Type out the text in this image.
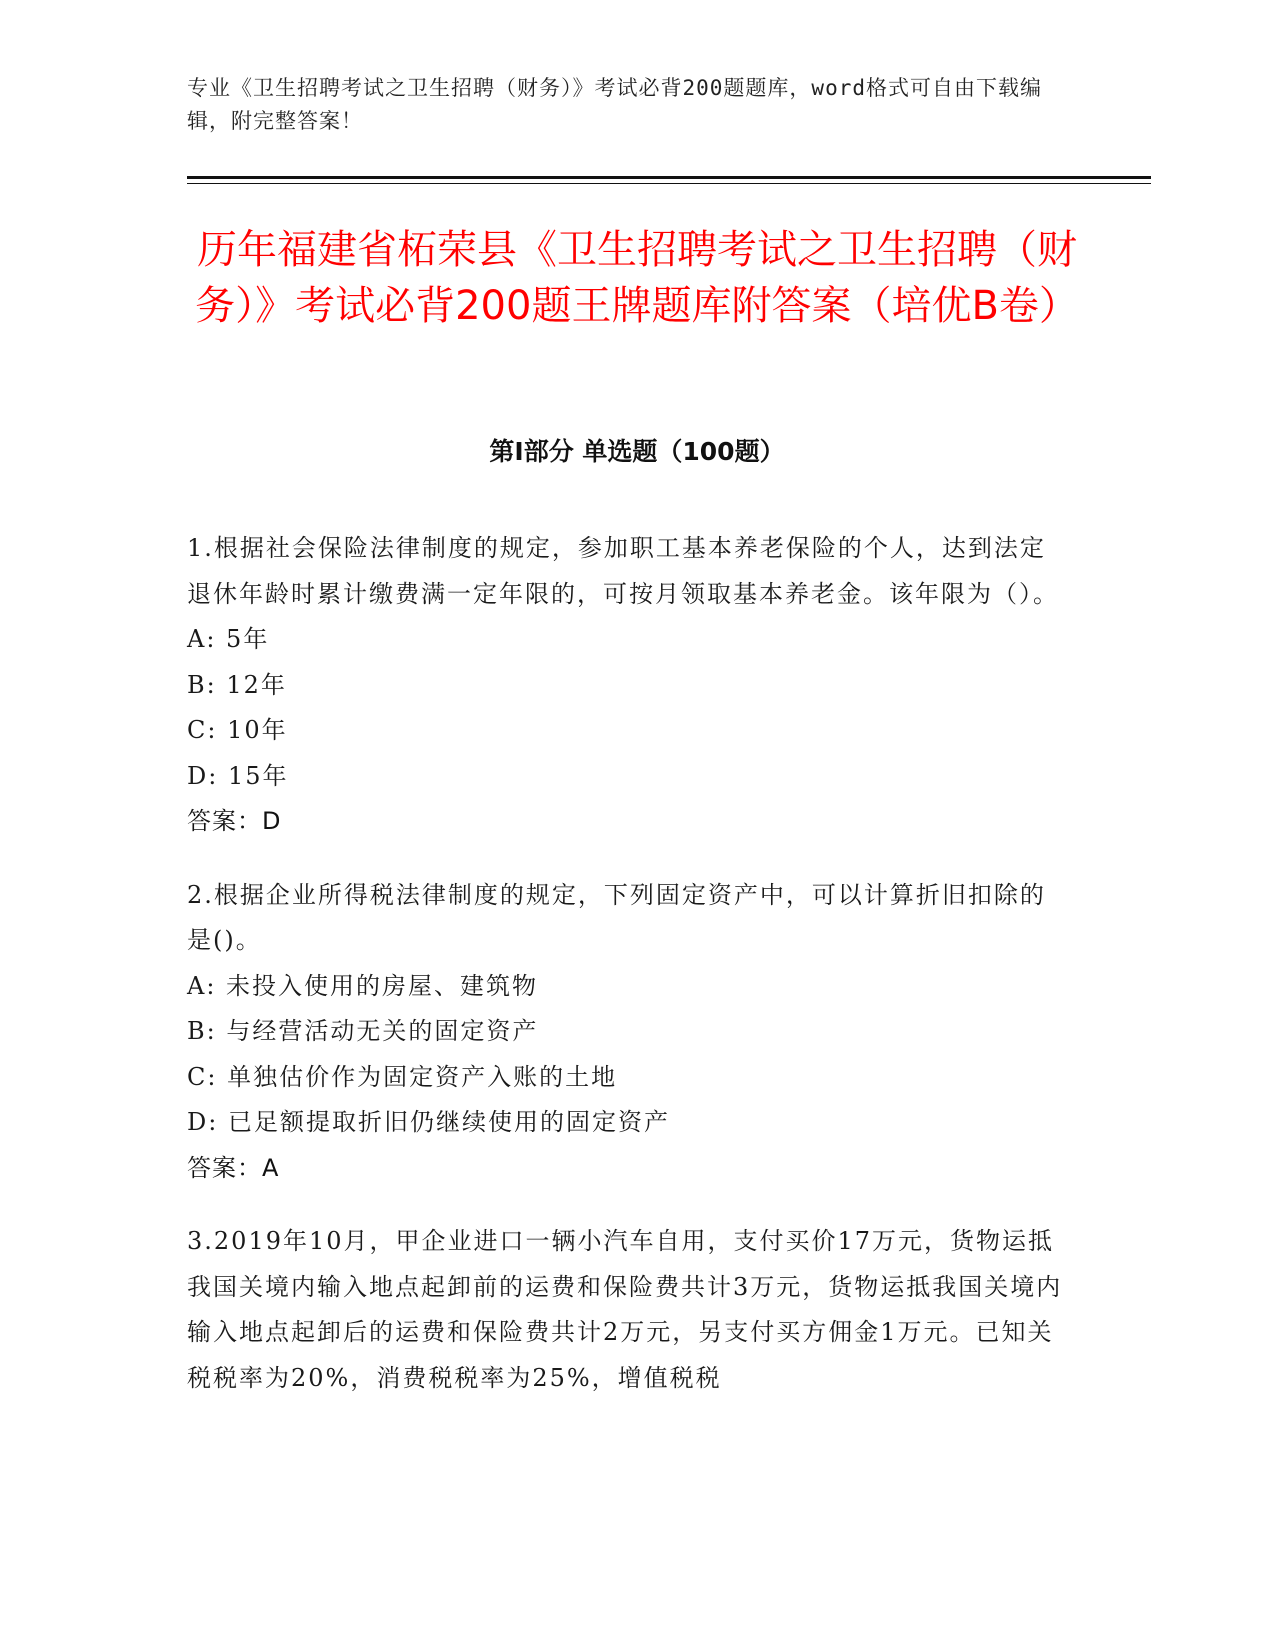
专业《卫生招聘考试之卫生招聘（财务）》考试必背200题题库，word格式可自由下载编辑，附完整答案！
历年福建省柘荣县《卫生招聘考试之卫生招聘（财务）》考试必背200题王牌题库附答案（培优B卷）
第I部分 单选题（100题）

1.根据社会保险法律制度的规定，参加职工基本养老保险的个人，达到法定退休年龄时累计缴费满一定年限的，可按月领取基本养老金。该年限为（）。

A: 5年

B: 12年

C: 10年

D: 15年

答案：D

2.根据企业所得税法律制度的规定，下列固定资产中，可以计算折旧扣除的是()。

A: 未投入使用的房屋、建筑物

B: 与经营活动无关的固定资产

C: 单独估价作为固定资产入账的土地

D: 已足额提取折旧仍继续使用的固定资产

答案：A

3.2019年10月，甲企业进口一辆小汽车自用，支付买价17万元，货物运抵我国关境内输入地点起卸前的运费和保险费共计3万元，货物运抵我国关境内输入地点起卸后的运费和保险费共计2万元，另支付买方佣金1万元。已知关税税率为20%，消费税税率为25%，增值税税
